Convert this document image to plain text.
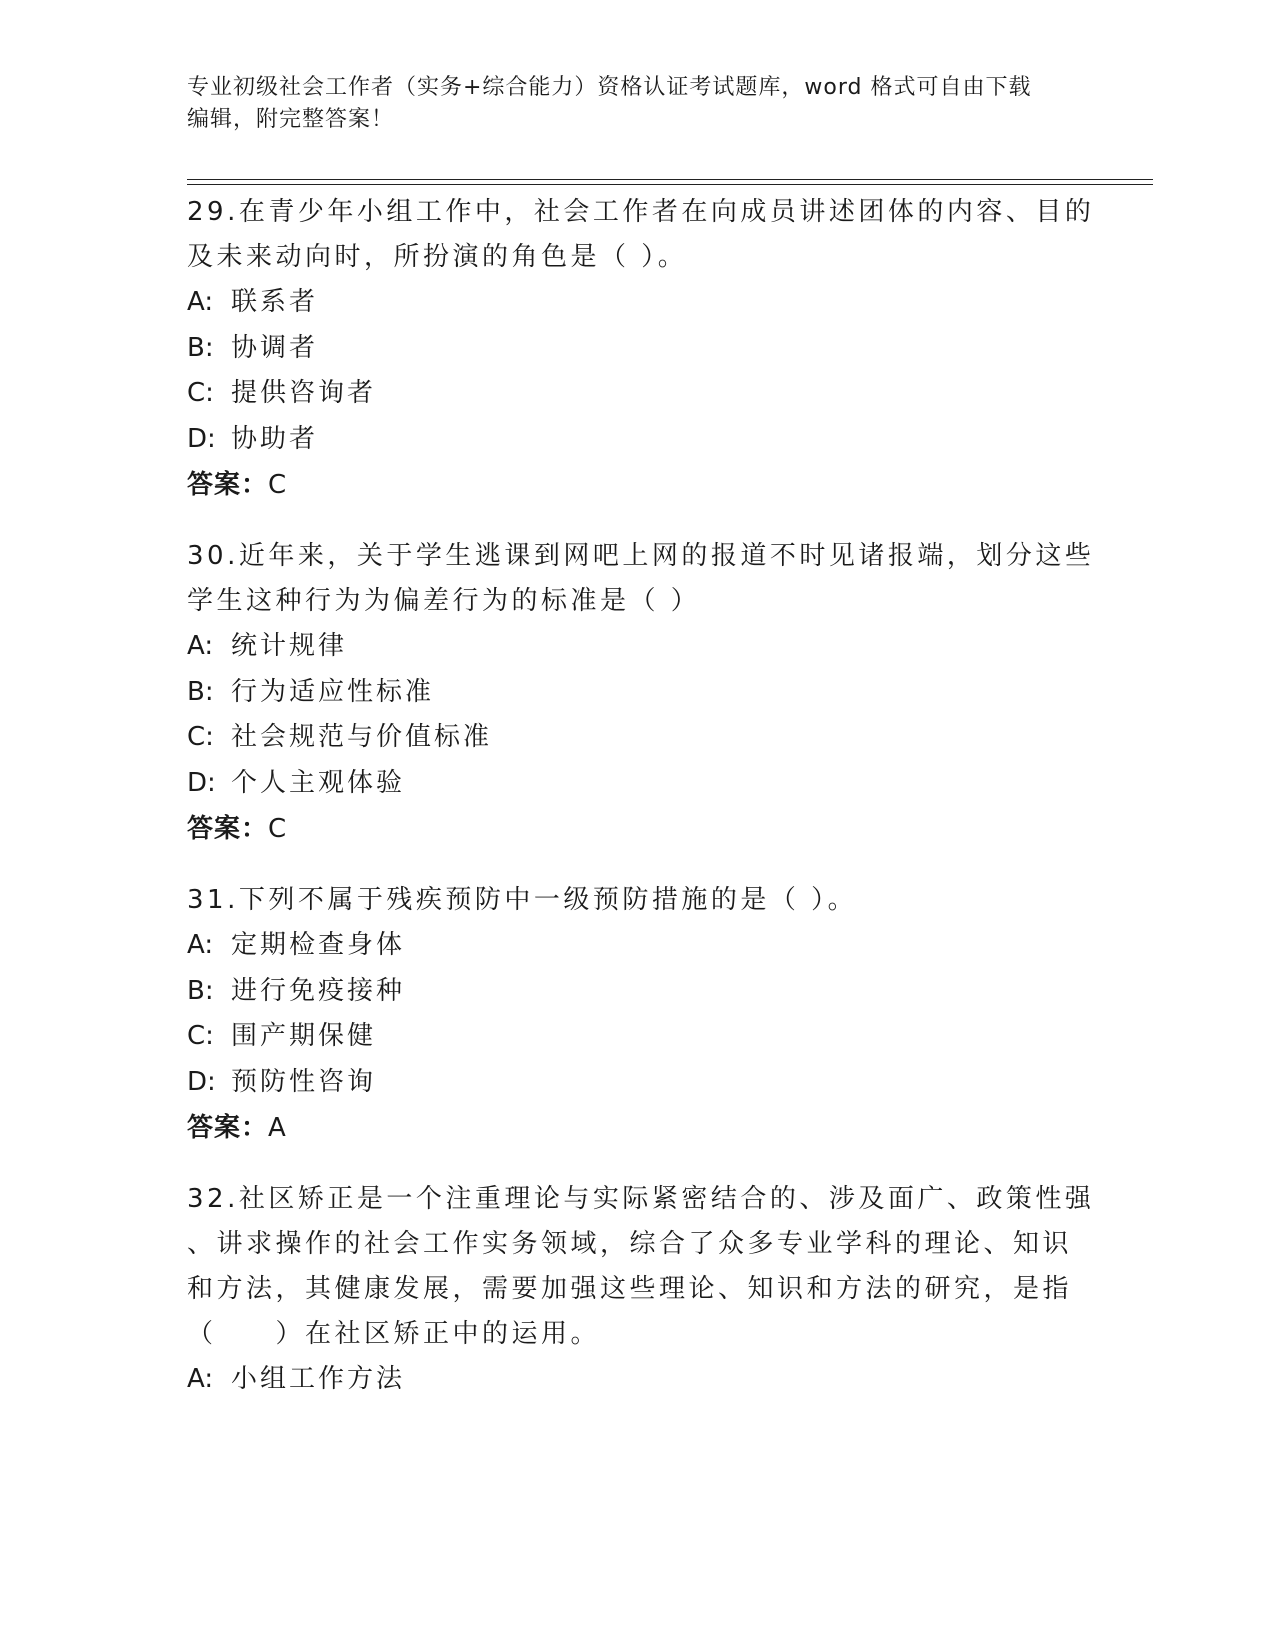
专业初级社会工作者（实务+综合能力）资格认证考试题库，word 格式可自由下载
编辑，附完整答案！
29.在青少年小组工作中，社会工作者在向成员讲述团体的内容、目的
及未来动向时，所扮演的角色是（ ）。
A: 联系者
B: 协调者
C: 提供咨询者
D: 协助者
答案：C
30.近年来，关于学生逃课到网吧上网的报道不时见诸报端，划分这些
学生这种行为为偏差行为的标准是（ ）
A: 统计规律
B: 行为适应性标准
C: 社会规范与价值标准
D: 个人主观体验
答案：C
31.下列不属于残疾预防中一级预防措施的是（ ）。
A: 定期检查身体
B: 进行免疫接种
C: 围产期保健
D: 预防性咨询
答案：A
32.社区矫正是一个注重理论与实际紧密结合的、涉及面广、政策性强
、讲求操作的社会工作实务领域，综合了众多专业学科的理论、知识
和方法，其健康发展，需要加强这些理论、知识和方法的研究，是指
（　　）在社区矫正中的运用。
A: 小组工作方法
